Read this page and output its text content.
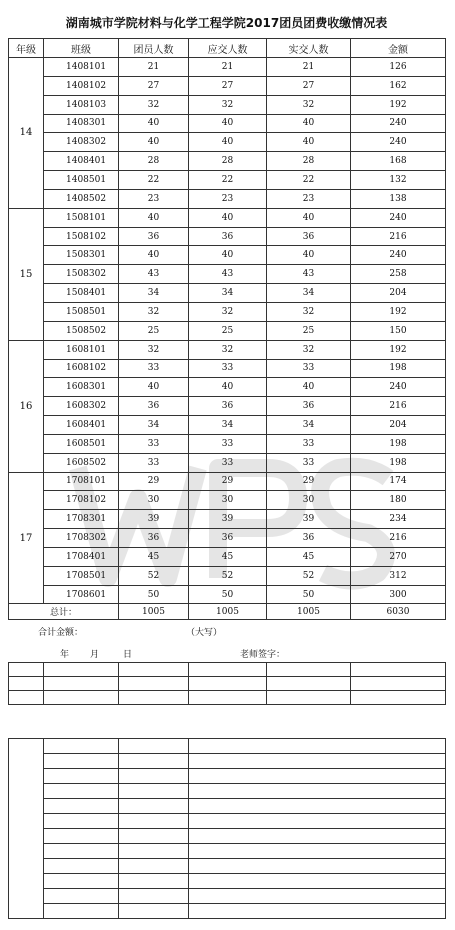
湖南城市学院材料与化学工程学院2017团员团费收缴情况表
年级	班级	团员人数	应交人数	实交人数	金额
14	1408101	21	21	21	126
	1408102	27	27	27	162
	1408103	32	32	32	192
	1408301	40	40	40	240
	1408302	40	40	40	240
	1408401	28	28	28	168
	1408501	22	22	22	132
	1408502	23	23	23	138
15	1508101	40	40	40	240
	1508102	36	36	36	216
	1508301	40	40	40	240
	1508302	43	43	43	258
	1508401	34	34	34	204
	1508501	32	32	32	192
	1508502	25	25	25	150
16	1608101	32	32	32	192
	1608102	33	33	33	198
	1608301	40	40	40	240
	1608302	36	36	36	216
	1608401	34	34	34	204
	1608501	33	33	33	198
	1608502	33	33	33	198
17	1708101	29	29	29	174
	1708102	30	30	30	180
	1708301	39	39	39	234
	1708302	36	36	36	216
	1708401	45	45	45	270
	1708501	52	52	52	312
	1708601	50	50	50	300
总计：		1005	1005	1005	6030
合计金额：	（大写）
年 月	日	老师签字：
